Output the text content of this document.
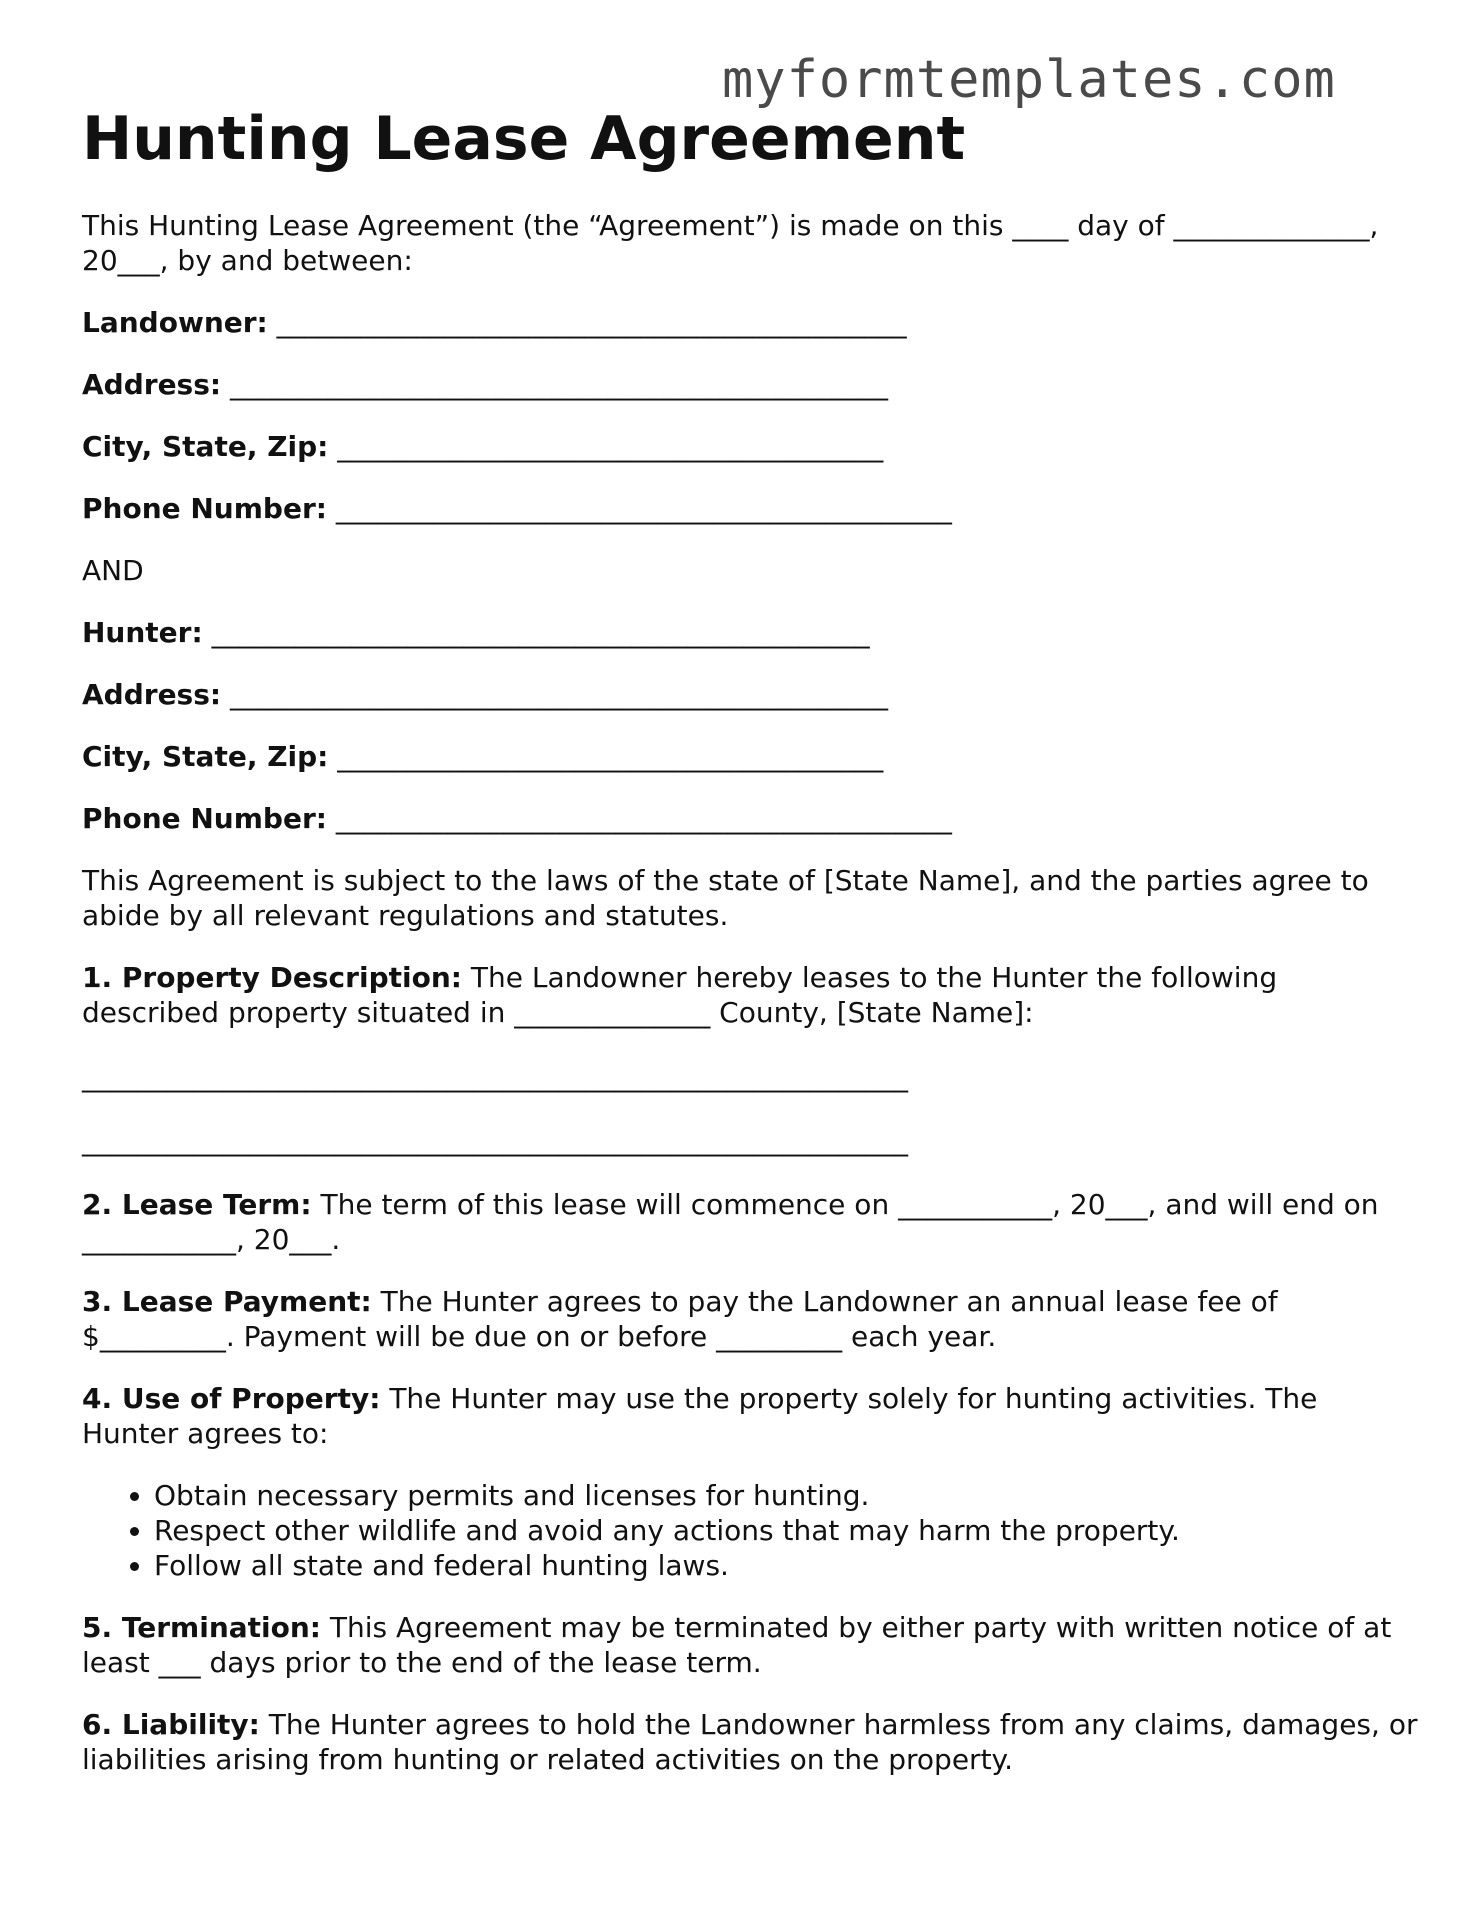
myformtemplates.com
Hunting Lease Agreement

This Hunting Lease Agreement (the “Agreement”) is made on this ____ day of ______________, 20___, by and between:

Landowner: _____________________________________________

Address: _______________________________________________

City, State, Zip: _______________________________________

Phone Number: ____________________________________________

AND

Hunter: _______________________________________________

Address: _______________________________________________

City, State, Zip: _______________________________________

Phone Number: ____________________________________________

This Agreement is subject to the laws of the state of [State Name], and the parties agree to abide by all relevant regulations and statutes.

1. Property Description: The Landowner hereby leases to the Hunter the following described property situated in ______________ County, [State Name]:

___________________________________________________________

___________________________________________________________

2. Lease Term: The term of this lease will commence on ___________, 20___, and will end on ___________, 20___.

3. Lease Payment: The Hunter agrees to pay the Landowner an annual lease fee of $_________. Payment will be due on or before _________ each year.

4. Use of Property: The Hunter may use the property solely for hunting activities. The Hunter agrees to:

• Obtain necessary permits and licenses for hunting.
• Respect other wildlife and avoid any actions that may harm the property.
• Follow all state and federal hunting laws.

5. Termination: This Agreement may be terminated by either party with written notice of at least ___ days prior to the end of the lease term.

6. Liability: The Hunter agrees to hold the Landowner harmless from any claims, damages, or liabilities arising from hunting or related activities on the property.
